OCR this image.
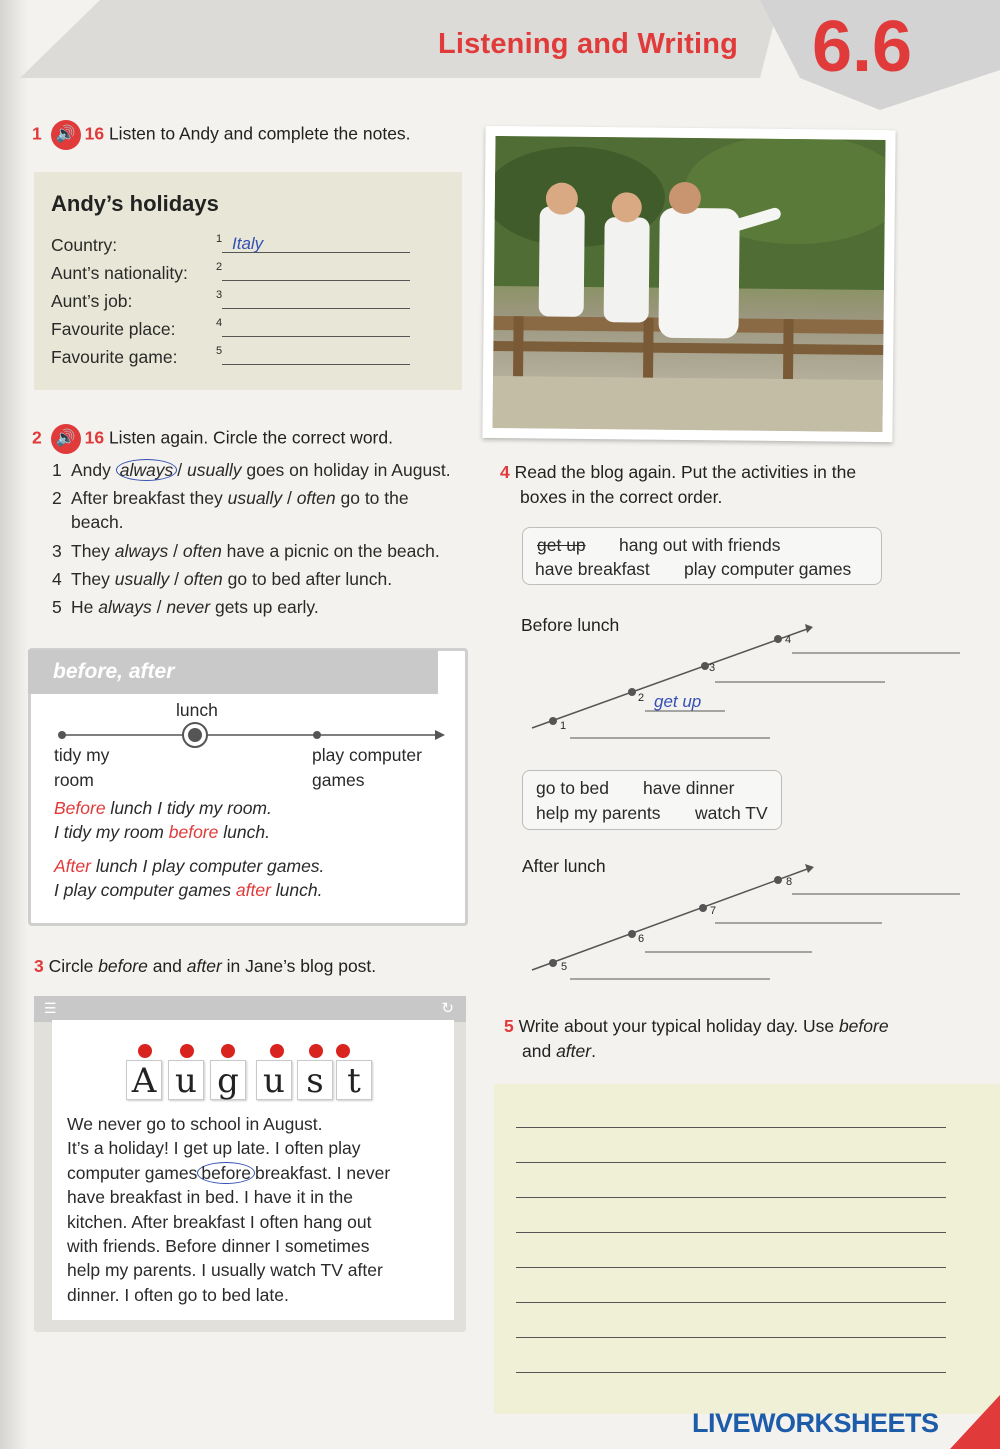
Listening and Writing 6.6
1 🔊 16 Listen to Andy and complete the notes.
Andy’s holidays
Country:	1 Italy
Aunt’s nationality:	2
Aunt’s job:	3
Favourite place:	4
Favourite game:	5
2 🔊 16 Listen again. Circle the correct word.
1 Andy always / usually goes on holiday in August.
2 After breakfast they usually / often go to the
beach.
3 They always / often have a picnic on the beach.
4 They usually / often go to bed after lunch.
5 He always / never gets up early.
before, after
lunch
tidy my
room
play computer
games
Before lunch I tidy my room.
I tidy my room before lunch.
After lunch I play computer games.
I play computer games after lunch.
3 Circle before and after in Jane’s blog post.
☰	↻
A u g u s t
We never go to school in August.
It’s a holiday! I get up late. I often play
computer games before breakfast. I never
have breakfast in bed. I have it in the
kitchen. After breakfast I often hang out
with friends. Before dinner I sometimes
help my parents. I usually watch TV after
dinner. I often go to bed late.
4 Read the blog again. Put the activities in the
boxes in the correct order.
get up hang out with friends
have breakfast play computer games
Before lunch
1
2
3
4
get up
go to bed have dinner
help my parents watch TV
After lunch
5
6
7
8
5 Write about your typical holiday day. Use before
and after.
LIVEWORKSHEETS
